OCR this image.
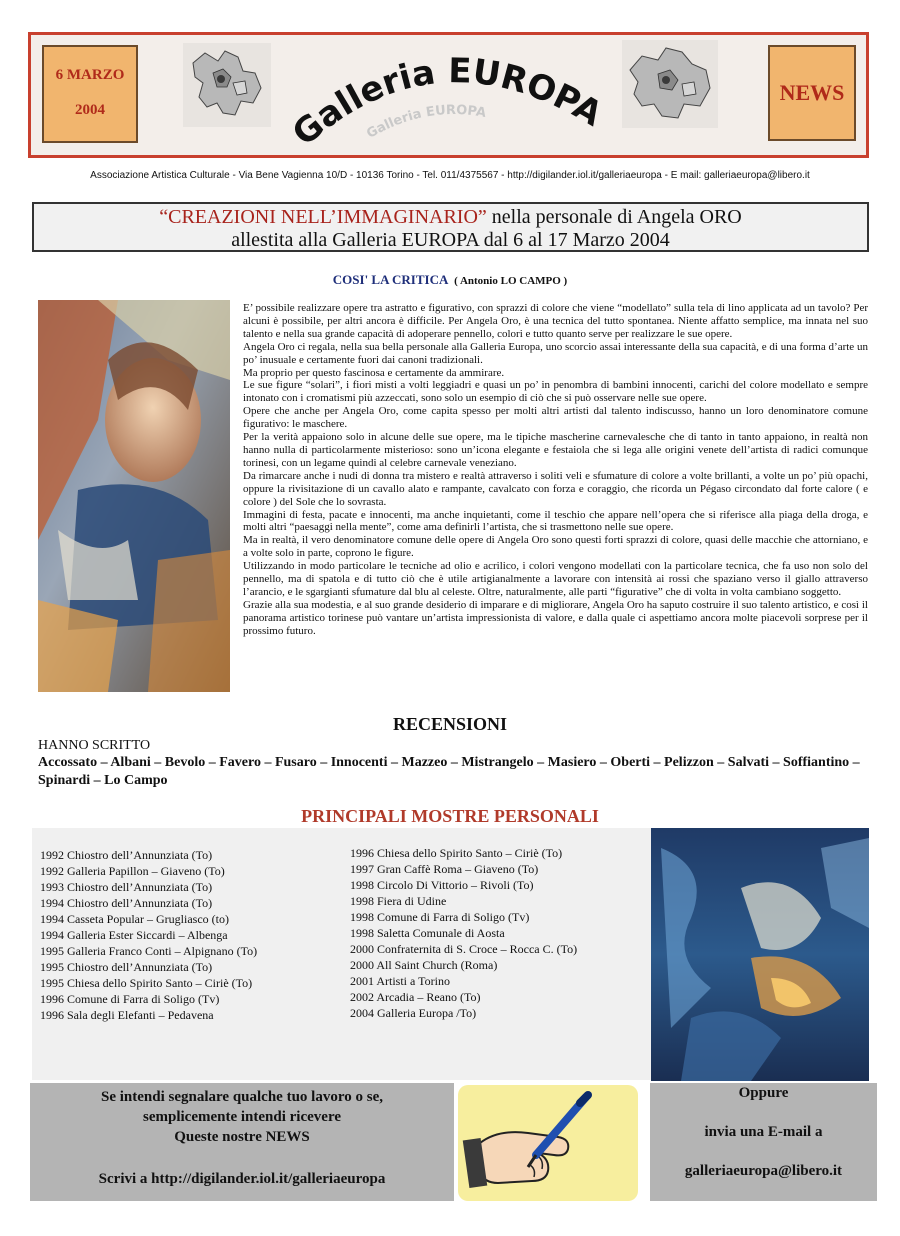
6 MARZO
2004
Galleria EUROPA
Galleria EUROPA	NEWS
Associazione Artistica Culturale - Via Bene Vagienna 10/D - 10136 Torino - Tel. 011/4375567 - http://digilander.iol.it/galleriaeuropa - E mail: galleriaeuropa@libero.it
“CREAZIONI NELL’IMMAGINARIO” nella personale di Angela ORO
allestita alla Galleria EUROPA dal 6 al 17 Marzo 2004
COSI' LA CRITICA ( Antonio LO CAMPO )

E’ possibile realizzare opere tra astratto e figurativo, con sprazzi di colore che viene “modellato” sulla tela di lino applicata ad un tavolo? Per alcuni è possibile, per altri ancora è difficile. Per Angela Oro, è una tecnica del tutto spontanea. Niente affatto semplice, ma innata nel suo talento e nella sua grande capacità di adoperare pennello, colori e tutto quanto serve per realizzare le sue opere.

Angela Oro ci regala, nella sua bella personale alla Galleria Europa, uno scorcio assai interessante della sua capacità, e di una forma d’arte un po’ inusuale e certamente fuori dai canoni tradizionali.

Ma proprio per questo fascinosa e certamente da ammirare.

Le sue figure “solari”, i fiori misti a volti leggiadri e quasi un po’ in penombra di bambini innocenti, carichi del colore modellato e sempre intonato con i cromatismi più azzeccati, sono solo un esempio di ciò che si può osservare nelle sue opere.

Opere che anche per Angela Oro, come capita spesso per molti altri artisti dal talento indiscusso, hanno un loro denominatore comune figurativo: le maschere.

Per la verità appaiono solo in alcune delle sue opere, ma le tipiche mascherine carnevalesche che di tanto in tanto appaiono, in realtà non hanno nulla di particolarmente misterioso: sono un’icona elegante e festaiola che si lega alle origini venete dell’artista di radici comunque torinesi, con un legame quindi al celebre carnevale veneziano.

Da rimarcare anche i nudi di donna tra mistero e realtà attraverso i soliti veli e sfumature di colore a volte brillanti, a volte un po’ più opachi, oppure la rivisitazione di un cavallo alato e rampante, cavalcato con forza e coraggio, che ricorda un Pégaso circondato dal forte calore ( e colore ) del Sole che lo sovrasta.

Immagini di festa, pacate e innocenti, ma anche inquietanti, come il teschio che appare nell’opera che si riferisce alla piaga della droga, e molti altri “paesaggi nella mente”, come ama definirli l’artista, che si trasmettono nelle sue opere.

Ma in realtà, il vero denominatore comune delle opere di Angela Oro sono questi forti sprazzi di colore, quasi delle macchie che attorniano, e a volte solo in parte, coprono le figure.

Utilizzando in modo particolare le tecniche ad olio e acrilico, i colori vengono modellati con la particolare tecnica, che fa uso non solo del pennello, ma di spatola e di tutto ciò che è utile artigianalmente a lavorare con intensità ai rossi che spaziano verso il giallo attraverso l’arancio, e le sgargianti sfumature dal blu al celeste. Oltre, naturalmente, alle parti “figurative” che di volta in volta cambiano soggetto.

Grazie alla sua modestia, e al suo grande desiderio di imparare e di migliorare, Angela Oro ha saputo costruire il suo talento artistico, e così il panorama artistico torinese può vantare un’artista impressionista di valore, e dalla quale ci aspettiamo ancora molte piacevoli sorprese per il prossimo futuro.

RECENSIONI
HANNO SCRITTO
Accossato – Albani – Bevolo – Favero – Fusaro – Innocenti – Mazzeo – Mistrangelo – Masiero – Oberti – Pelizzon – Salvati – Soffiantino – Spinardi – Lo Campo
PRINCIPALI MOSTRE PERSONALI
1992 Chiostro dell’Annunziata (To)
1992 Galleria Papillon – Giaveno (To)
1993 Chiostro dell’Annunziata (To)
1994 Chiostro dell’Annunziata (To)
1994 Casseta Popular – Grugliasco (to)
1994 Galleria Ester Siccardi – Albenga
1995 Galleria Franco Conti – Alpignano (To)
1995 Chiostro dell’Annunziata (To)
1995 Chiesa dello Spirito Santo – Ciriè (To)
1996 Comune di Farra di Soligo (Tv)
1996 Sala degli Elefanti – Pedavena
1996 Chiesa dello Spirito Santo – Ciriè (To)
1997 Gran Caffè Roma – Giaveno (To)
1998 Circolo Di Vittorio – Rivoli (To)
1998 Fiera di Udine
1998 Comune di Farra di Soligo (Tv)
1998 Saletta Comunale di Aosta
2000 Confraternita di S. Croce – Rocca C. (To)
2000 All Saint Church (Roma)
2001 Artisti a Torino
2002 Arcadia – Reano (To)
2004 Galleria Europa /To)
Se intendi segnalare qualche tuo lavoro o se,
semplicemente intendi ricevere
Queste nostre NEWS
Scrivi a http://digilander.iol.it/galleriaeuropa
Oppure
invia una E-mail a
galleriaeuropa@libero.it
